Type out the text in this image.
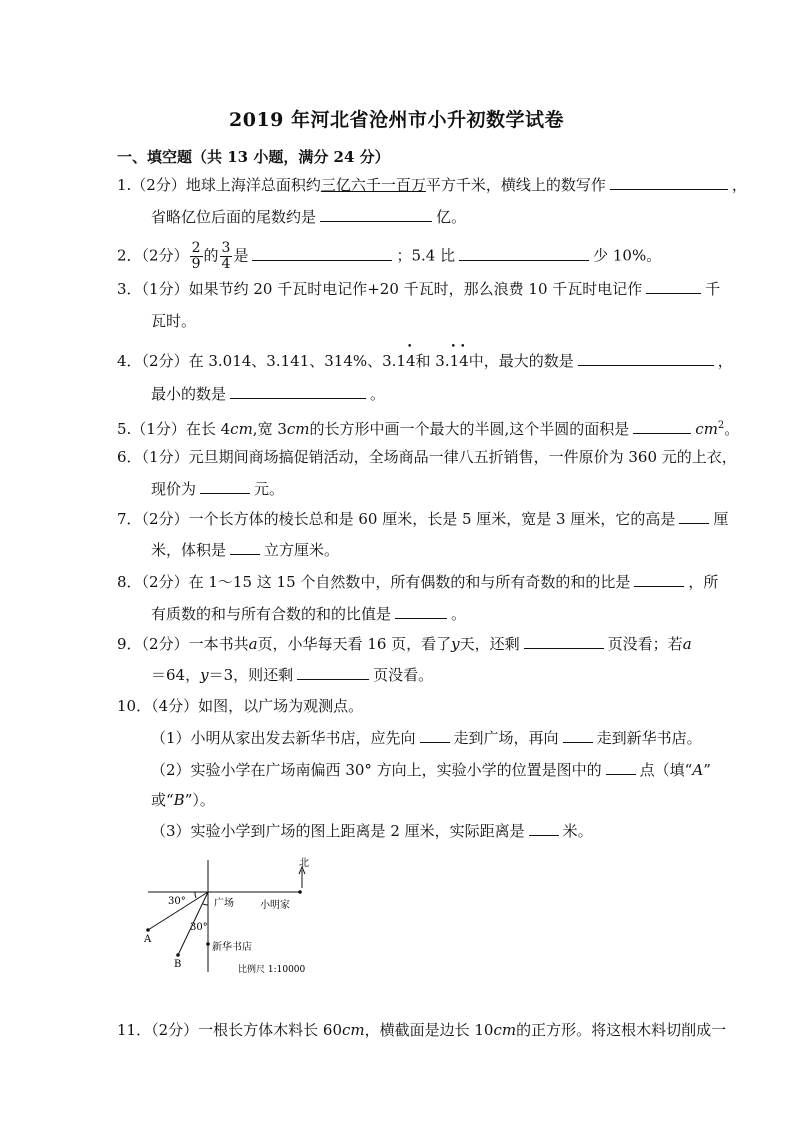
2019 年河北省沧州市小升初数学试卷
一、填空题（共 13 小题，满分 24 分）
1.（2分）地球上海洋总面积约三亿六千一百万平方千米，横线上的数写作	，
省略亿位后面的尾数约是	亿。
2．（2分） $\frac{2}{9}$ 的 $\frac{3}{4}$ 是	；5.4 比	少 10%。
3．（1分）如果节约 20 千瓦时电记作+20 千瓦时，那么浪费 10 千瓦时电记作	千
瓦时。
4．（2分）在 3.014、3.141、314%、3.1• 4和 3.• 1• 4中，最大的数是	，
最小的数是	。
5.（1分）在长 4cm,宽 3cm的长方形中画一个最大的半圆,这个半圆的面积是	$cm^2$。
6．（1分）元旦期间商场搞促销活动，全场商品一律八五折销售，一件原价为 360 元的上衣，
现价为	元。
7．（2分）一个长方体的棱长总和是 60 厘米，长是 5 厘米，宽是 3 厘米，它的高是	厘
米，体积是	立方厘米。
8．（2分）在 1～15 这 15 个自然数中，所有偶数的和与所有奇数的和的比是	，所
有质数的和与所有合数的和的比值是	。
9．（2分）一本书共a页，小华每天看 16 页，看了y天，还剩	页没看；若a
＝64，y＝3，则还剩	页没看。
10．（4分）如图，以广场为观测点。
（1）小明从家出发去新华书店，应先向	走到广场，再向	走到新华书店。
（2）实验小学在广场南偏西 30° 方向上，实验小学的位置是图中的	点（填“A”
或“B”）。
（3）实验小学到广场的图上距离是 2 厘米，实际距离是	米。
北
30°
30°
广场	小明家
新华书店
A
B	比例尺 1:10000
11．（2分）一根长方体木料长 60cm，横截面是边长 10cm的正方形。将这根木料切削成一
